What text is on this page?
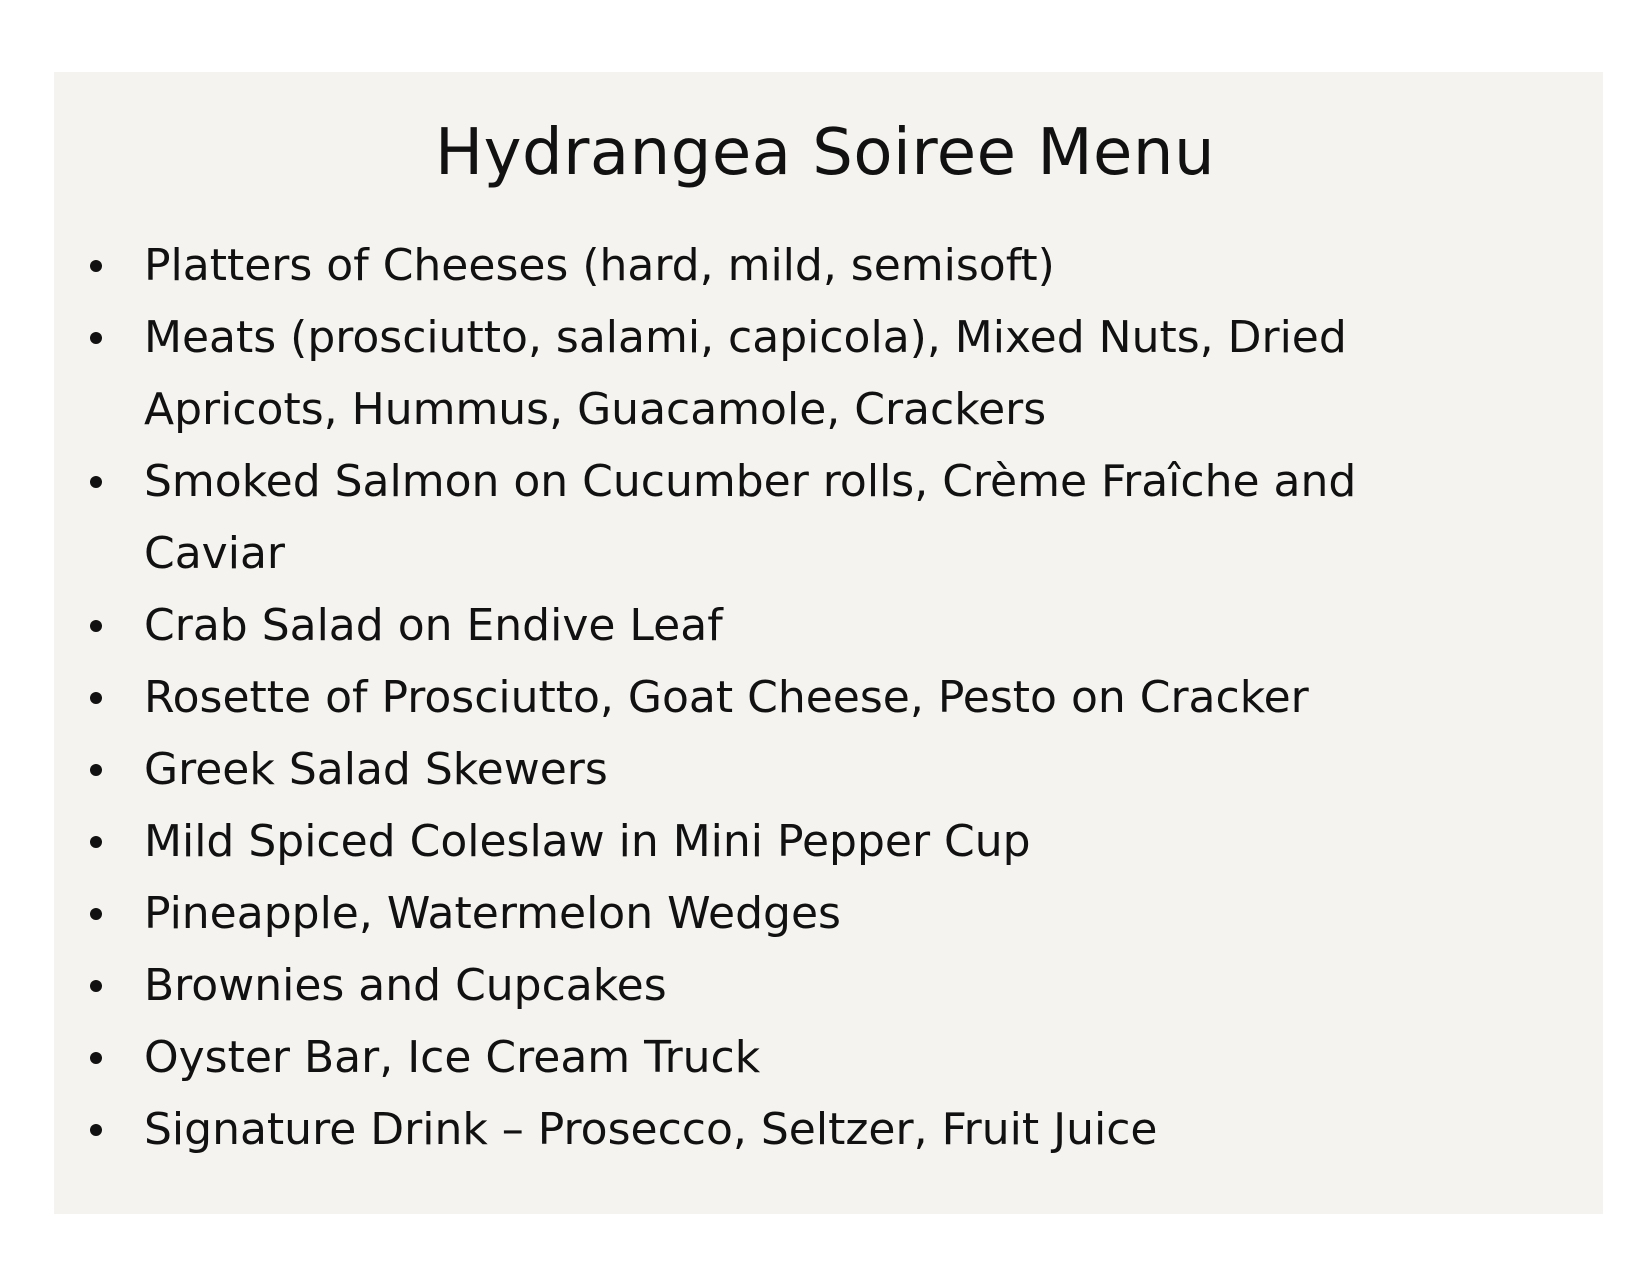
Hydrangea Soiree Menu
Platters of Cheeses (hard, mild, semisoft)
Meats (prosciutto, salami, capicola), Mixed Nuts, Dried Apricots, Hummus, Guacamole, Crackers
Smoked Salmon on Cucumber rolls, Crème Fraîche and Caviar
Crab Salad on Endive Leaf
Rosette of Prosciutto, Goat Cheese, Pesto on Cracker
Greek Salad Skewers
Mild Spiced Coleslaw in Mini Pepper Cup
Pineapple, Watermelon Wedges
Brownies and Cupcakes
Oyster Bar, Ice Cream Truck
Signature Drink – Prosecco, Seltzer, Fruit Juice
